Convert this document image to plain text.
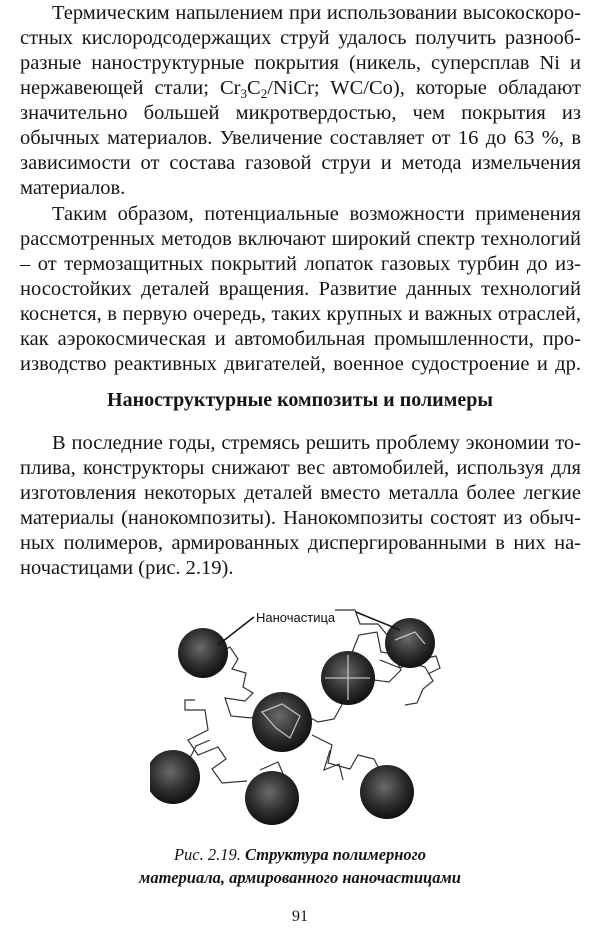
Термическим напылением при использовании высокоскоро-
стных кислородсодержащих струй удалось получить разнооб-
разные наноструктурные покрытия (никель, суперсплав Ni и
нержавеющей стали; $Cr_3C_2$/NiCr; WC/Co), которые обладают
значительно большей микротвердостью, чем покрытия из
обычных материалов. Увеличение составляет от 16 до 63 %, в
зависимости от состава газовой струи и метода измельчения
материалов.
Таким образом, потенциальные возможности применения
рассмотренных методов включают широкий спектр технологий
– от термозащитных покрытий лопаток газовых турбин до из-
носостойких деталей вращения. Развитие данных технологий
коснется, в первую очередь, таких крупных и важных отраслей,
как аэрокосмическая и автомобильная промышленности, про-
изводство реактивных двигателей, военное судостроение и др.
Наноструктурные композиты и полимеры
В последние годы, стремясь решить проблему экономии то-
плива, конструкторы снижают вес автомобилей, используя для
изготовления некоторых деталей вместо металла более легкие
материалы (нанокомпозиты). Нанокомпозиты состоят из обыч-
ных полимеров, армированных диспергированными в них на-
ночастицами (рис. 2.19).
Наночастица
Рис. 2.19. Структура полимерного
материала, армированного наночастицами
91
